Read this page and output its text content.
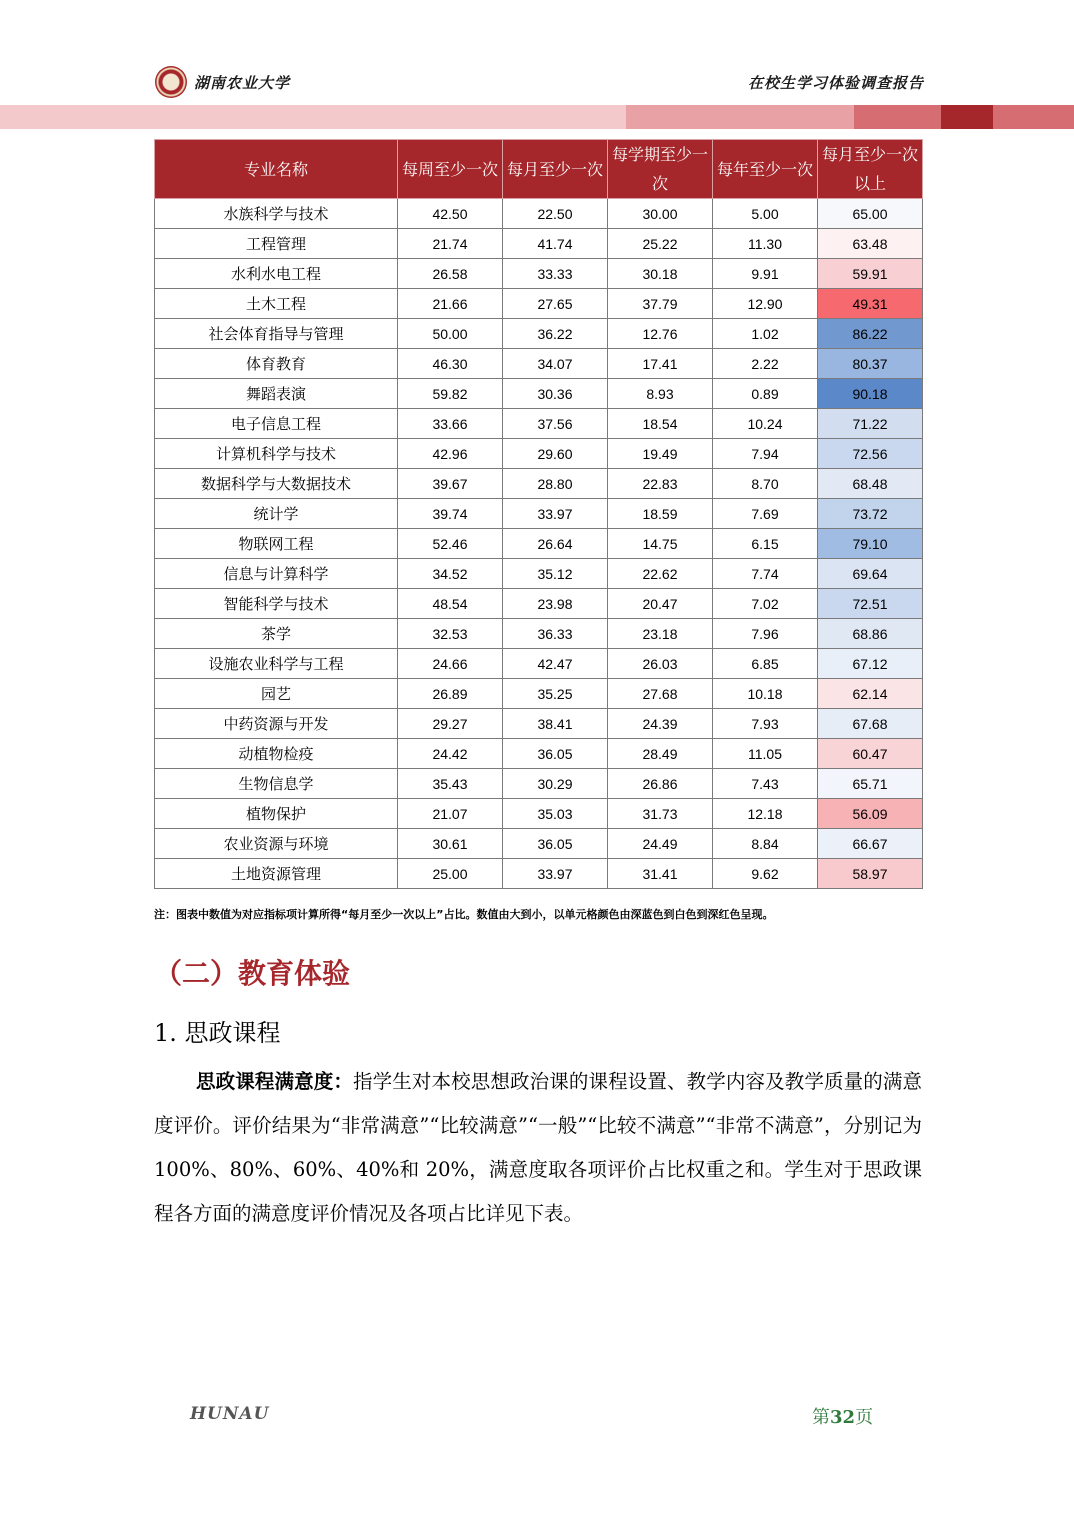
湖南农业大学	在校生学习体验调查报告
专业名称	每周至少一次	每月至少一次	每学期至少一次	每年至少一次	每月至少一次以上
水族科学与技术	42.50	22.50	30.00	5.00	65.00
工程管理	21.74	41.74	25.22	11.30	63.48
水利水电工程	26.58	33.33	30.18	9.91	59.91
土木工程	21.66	27.65	37.79	12.90	49.31
社会体育指导与管理	50.00	36.22	12.76	1.02	86.22
体育教育	46.30	34.07	17.41	2.22	80.37
舞蹈表演	59.82	30.36	8.93	0.89	90.18
电子信息工程	33.66	37.56	18.54	10.24	71.22
计算机科学与技术	42.96	29.60	19.49	7.94	72.56
数据科学与大数据技术	39.67	28.80	22.83	8.70	68.48
统计学	39.74	33.97	18.59	7.69	73.72
物联网工程	52.46	26.64	14.75	6.15	79.10
信息与计算科学	34.52	35.12	22.62	7.74	69.64
智能科学与技术	48.54	23.98	20.47	7.02	72.51
茶学	32.53	36.33	23.18	7.96	68.86
设施农业科学与工程	24.66	42.47	26.03	6.85	67.12
园艺	26.89	35.25	27.68	10.18	62.14
中药资源与开发	29.27	38.41	24.39	7.93	67.68
动植物检疫	24.42	36.05	28.49	11.05	60.47
生物信息学	35.43	30.29	26.86	7.43	65.71
植物保护	21.07	35.03	31.73	12.18	56.09
农业资源与环境	30.61	36.05	24.49	8.84	66.67
土地资源管理	25.00	33.97	31.41	9.62	58.97
注：图表中数值为对应指标项计算所得“每月至少一次以上”占比。数值由大到小，以单元格颜色由深蓝色到白色到深红色呈现。
（二）教育体验
1. 思政课程

思政课程满意度：指学生对本校思想政治课的课程设置、教学内容及教学质量的满意度评价。评价结果为“非常满意”“比较满意”“一般”“比较不满意”“非常不满意”，分别记为 100%、80%、60%、40%和 20%，满意度取各项评价占比权重之和。学生对于思政课程各方面的满意度评价情况及各项占比详见下表。

HUNAU	第32页
